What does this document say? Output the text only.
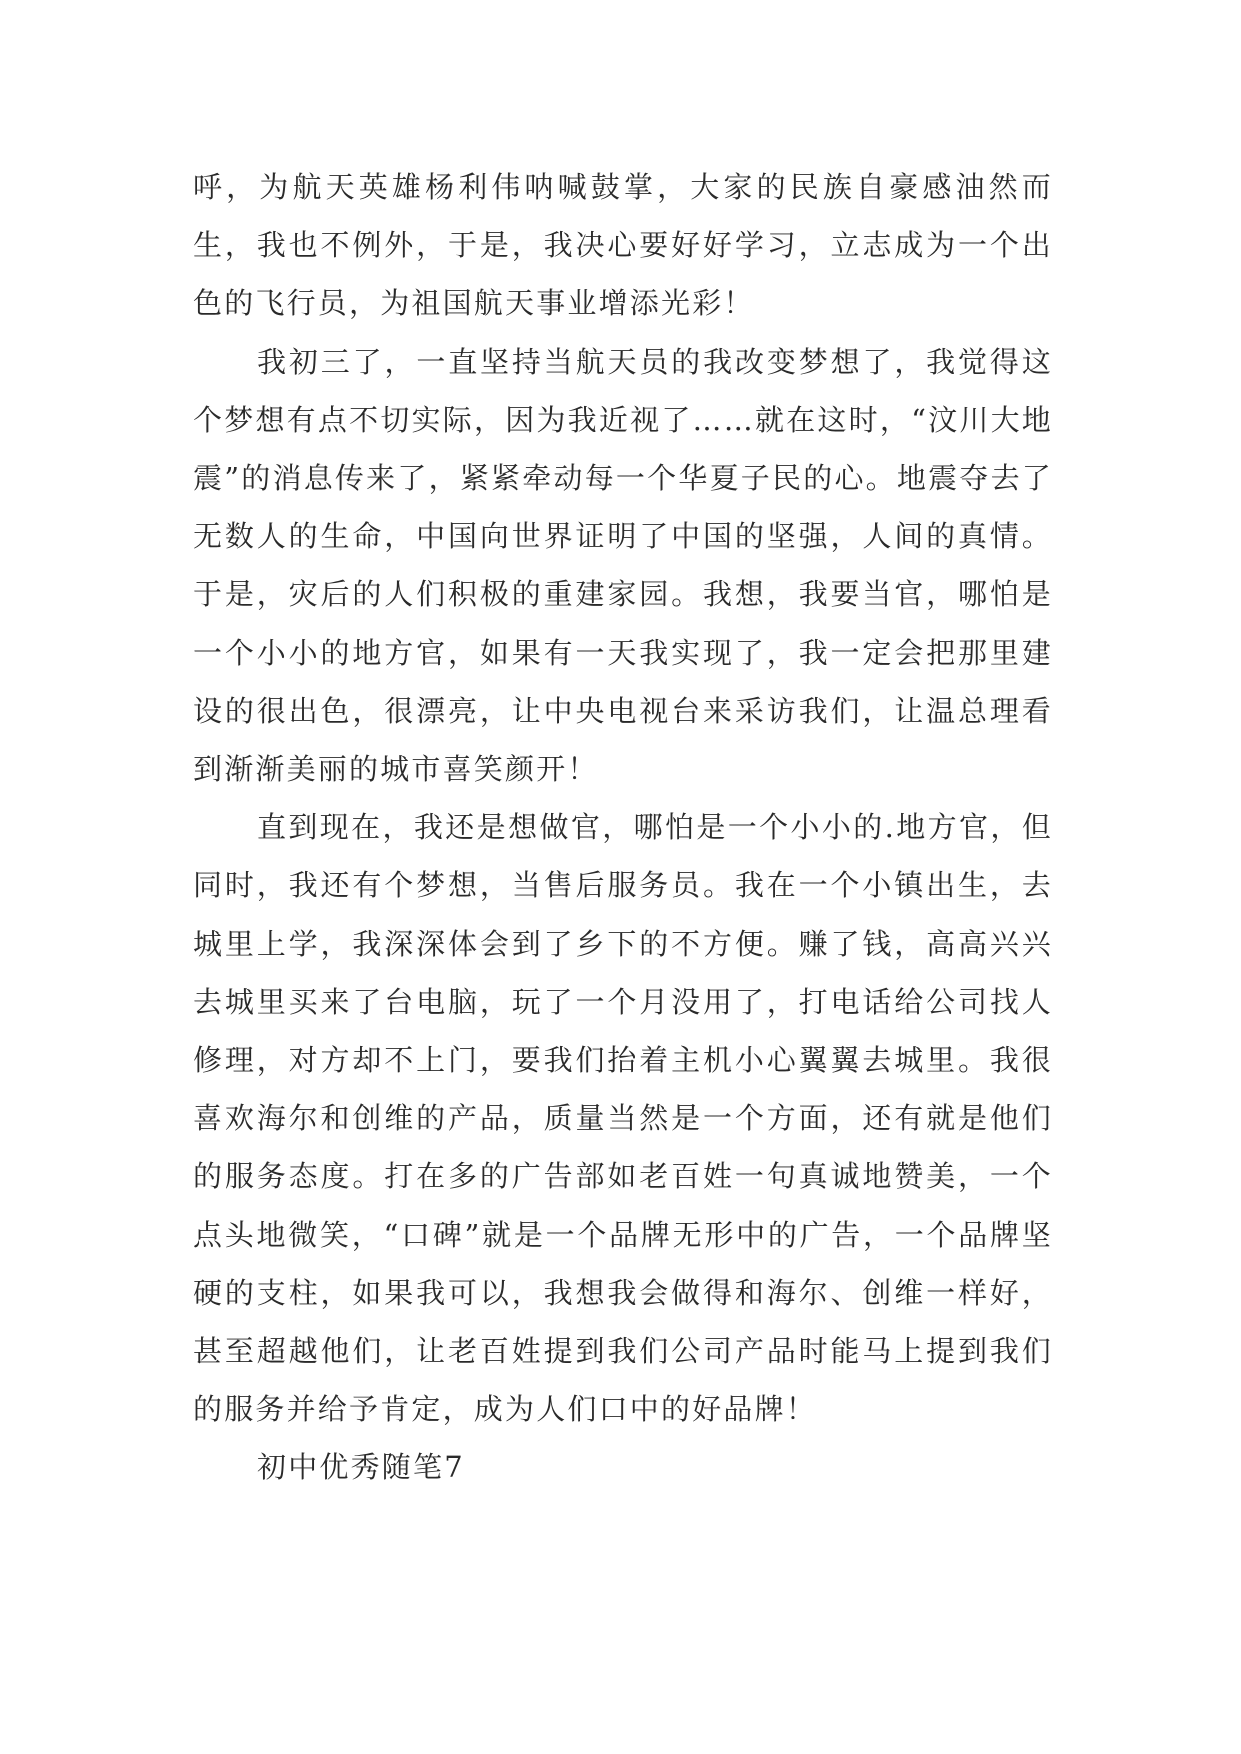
呼，为航天英雄杨利伟呐喊鼓掌，大家的民族自豪感油然而生，我也不例外，于是，我决心要好好学习，立志成为一个出色的飞行员，为祖国航天事业增添光彩！

我初三了，一直坚持当航天员的我改变梦想了，我觉得这个梦想有点不切实际，因为我近视了……就在这时，“汶川大地震”的消息传来了，紧紧牵动每一个华夏子民的心。地震夺去了无数人的生命，中国向世界证明了中国的坚强，人间的真情。于是，灾后的人们积极的重建家园。我想，我要当官，哪怕是一个小小的地方官，如果有一天我实现了，我一定会把那里建设的很出色，很漂亮，让中央电视台来采访我们，让温总理看到渐渐美丽的城市喜笑颜开！

直到现在，我还是想做官，哪怕是一个小小的.地方官，但同时，我还有个梦想，当售后服务员。我在一个小镇出生，去城里上学，我深深体会到了乡下的不方便。赚了钱，高高兴兴去城里买来了台电脑，玩了一个月没用了，打电话给公司找人修理，对方却不上门，要我们抬着主机小心翼翼去城里。我很喜欢海尔和创维的产品，质量当然是一个方面，还有就是他们的服务态度。打在多的广告部如老百姓一句真诚地赞美，一个点头地微笑，“口碑”就是一个品牌无形中的广告，一个品牌坚硬的支柱，如果我可以，我想我会做得和海尔、创维一样好，甚至超越他们，让老百姓提到我们公司产品时能马上提到我们的服务并给予肯定，成为人们口中的好品牌！

初中优秀随笔7
